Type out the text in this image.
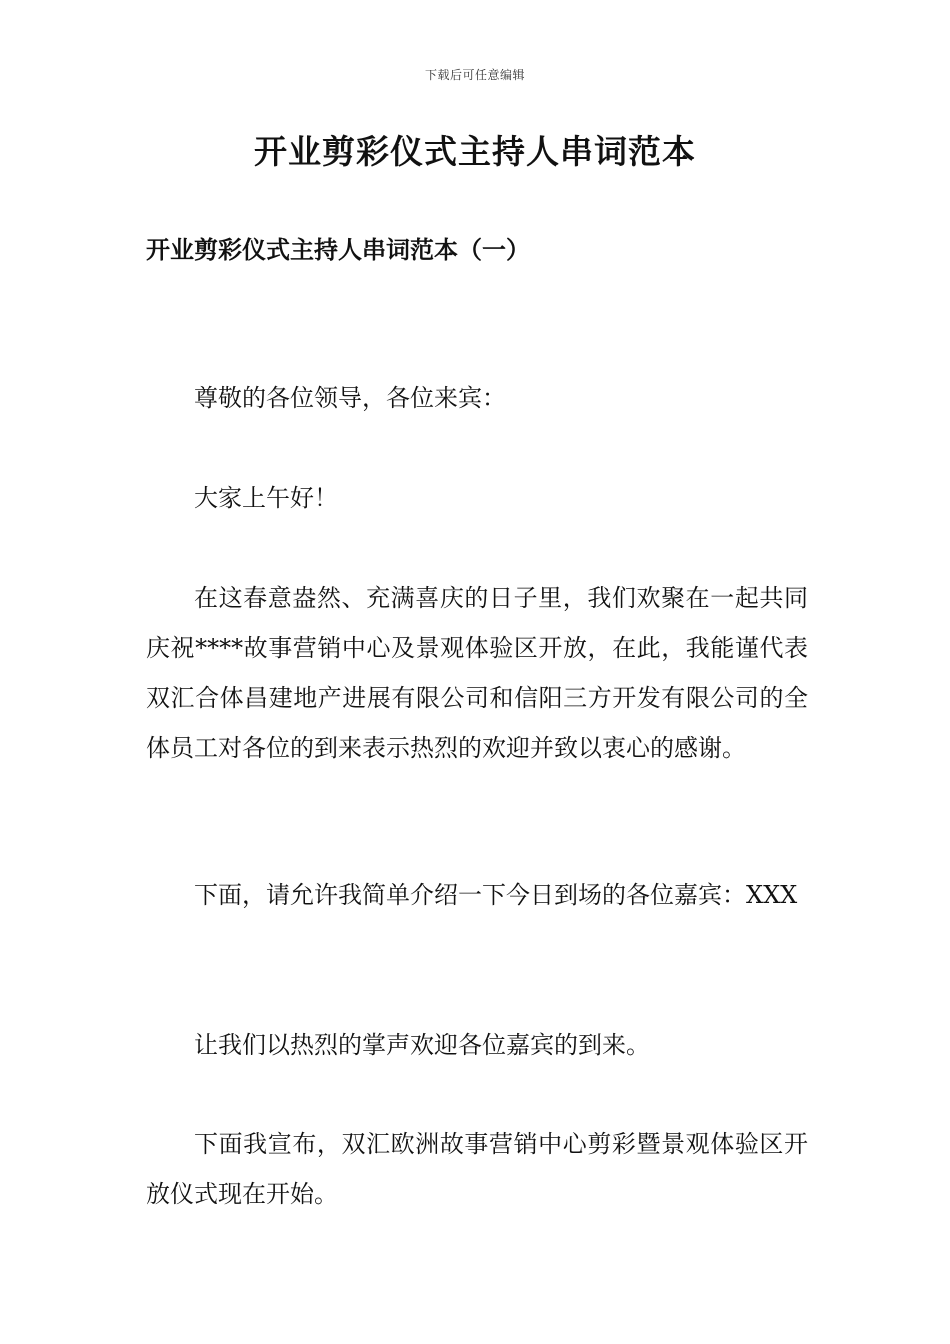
下载后可任意编辑
开业剪彩仪式主持人串词范本
开业剪彩仪式主持人串词范本（一）

尊敬的各位领导，各位来宾：

大家上午好！

在这春意盎然、充满喜庆的日子里，我们欢聚在一起共同庆祝****故事营销中心及景观体验区开放，在此，我能谨代表双汇合体昌建地产进展有限公司和信阳三方开发有限公司的全体员工对各位的到来表示热烈的欢迎并致以衷心的感谢。

下面，请允许我简单介绍一下今日到场的各位嘉宾：XXX

让我们以热烈的掌声欢迎各位嘉宾的到来。

下面我宣布，双汇欧洲故事营销中心剪彩暨景观体验区开放仪式现在开始。
